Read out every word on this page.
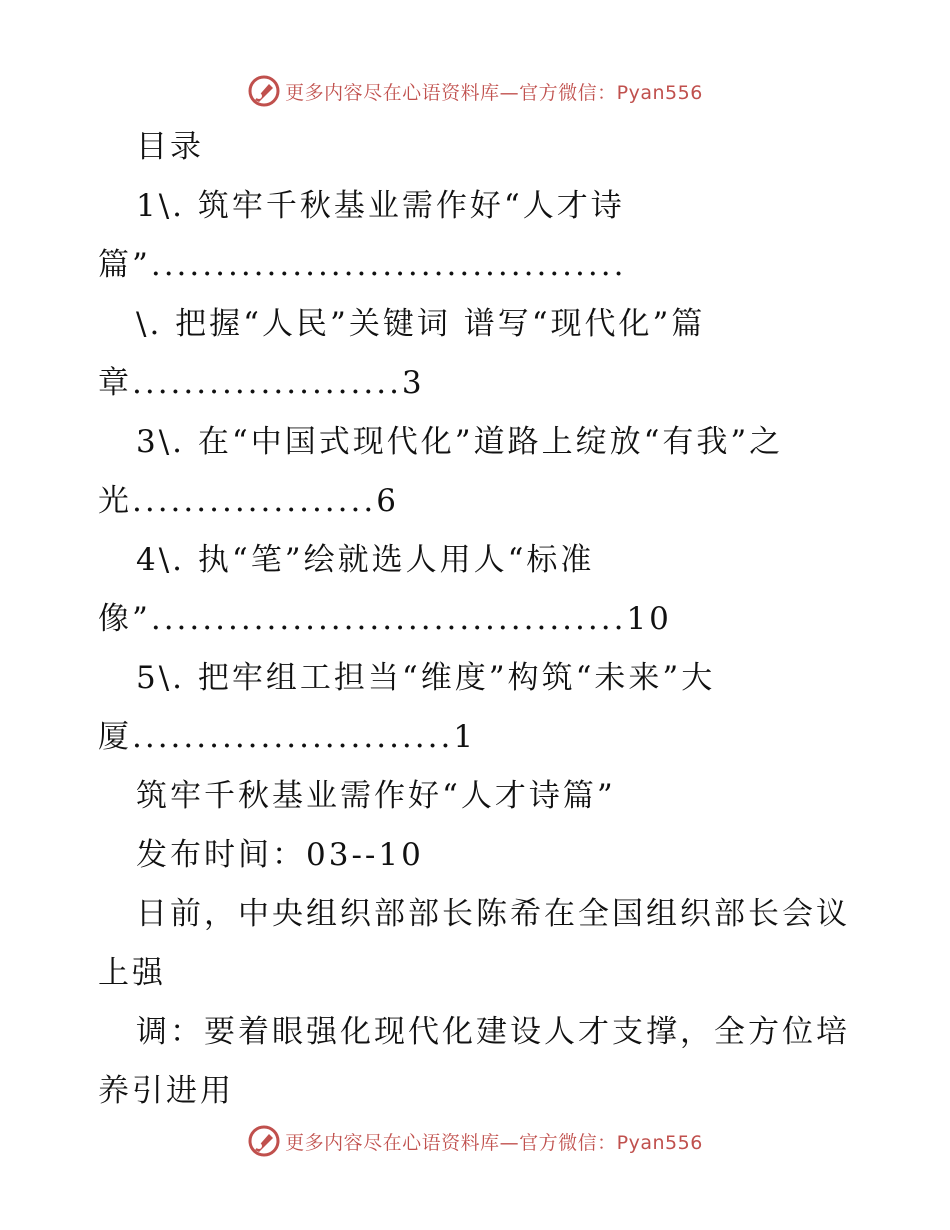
更多内容尽在心语资料库—官方微信：Pyan556
目录
1\. 筑牢千秋基业需作好“人才诗
篇”.....................................
\. 把握“人民”关键词 谱写“现代化”篇
章.....................3
3\. 在“中国式现代化”道路上绽放“有我”之
光...................6
4\. 执“笔”绘就选人用人“标准
像”.....................................10
5\. 把牢组工担当“维度”构筑“未来”大
厦.........................1
筑牢千秋基业需作好“人才诗篇”
发布时间：03--10
日前，中央组织部部长陈希在全国组织部长会议
上强
调：要着眼强化现代化建设人才支撑，全方位培
养引进用
更多内容尽在心语资料库—官方微信：Pyan556
